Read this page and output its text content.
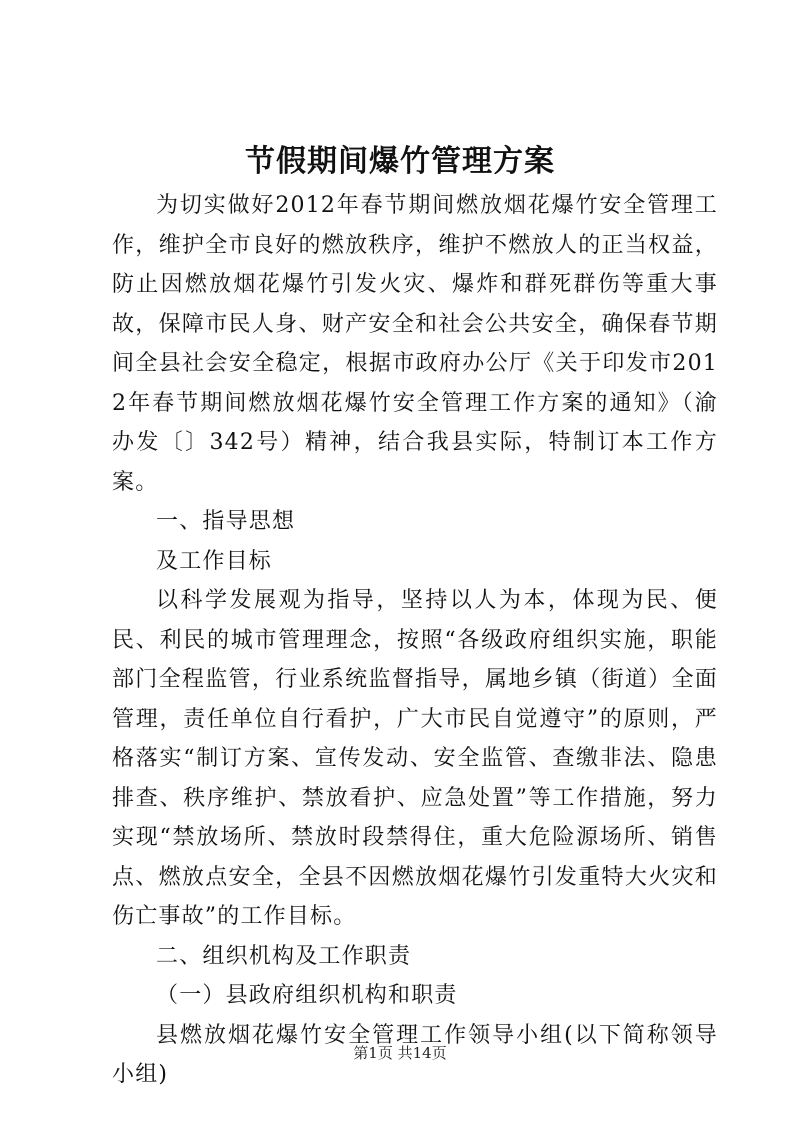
节假期间爆竹管理方案

为切实做好2012年春节期间燃放烟花爆竹安全管理工作，维护全市良好的燃放秩序，维护不燃放人的正当权益，防止因燃放烟花爆竹引发火灾、爆炸和群死群伤等重大事故，保障市民人身、财产安全和社会公共安全，确保春节期间全县社会安全稳定，根据市政府办公厅《关于印发市2012年春节期间燃放烟花爆竹安全管理工作方案的通知》（渝办发〔〕342号）精神，结合我县实际，特制订本工作方案。

一、指导思想

及工作目标

以科学发展观为指导，坚持以人为本，体现为民、便民、利民的城市管理理念，按照“各级政府组织实施，职能部门全程监管，行业系统监督指导，属地乡镇（街道）全面管理，责任单位自行看护，广大市民自觉遵守”的原则，严格落实“制订方案、宣传发动、安全监管、查缴非法、隐患排查、秩序维护、禁放看护、应急处置”等工作措施，努力实现“禁放场所、禁放时段禁得住，重大危险源场所、销售点、燃放点安全，全县不因燃放烟花爆竹引发重特大火灾和伤亡事故”的工作目标。

二、组织机构及工作职责

（一）县政府组织机构和职责

县燃放烟花爆竹安全管理工作领导小组(以下简称领导小组)

第1页 共14页
